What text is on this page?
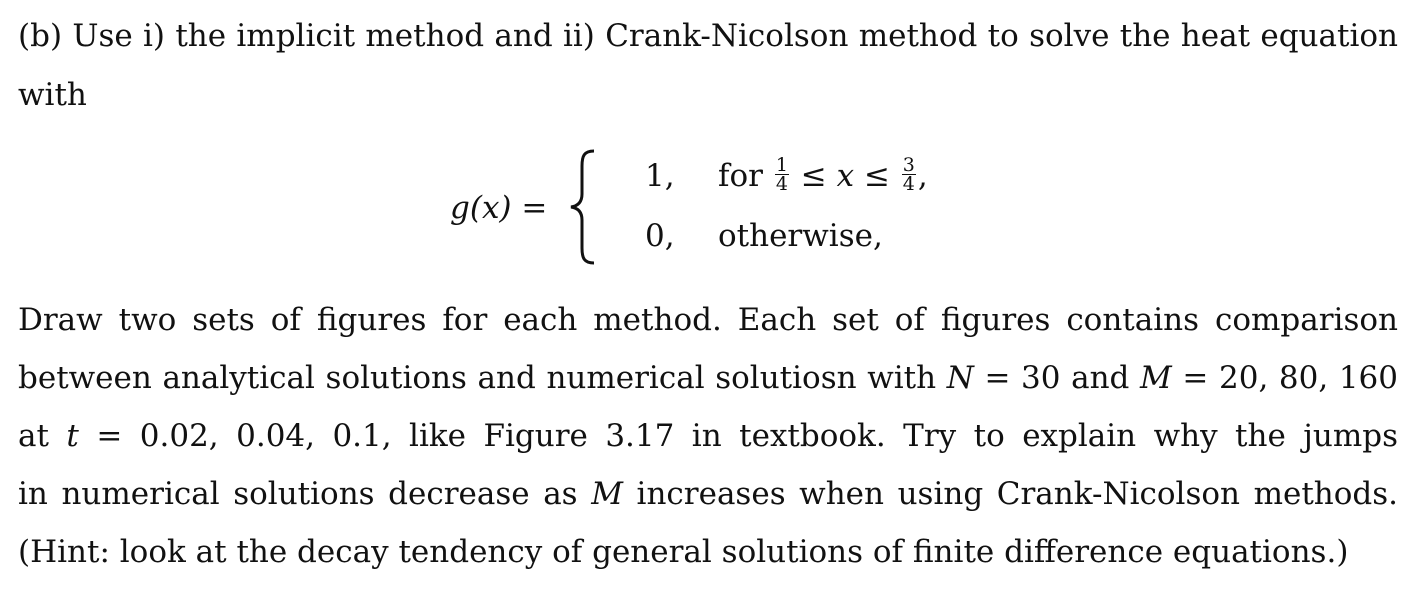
(b) Use i) the implicit method and ii) Crank-Nicolson method to solve the heat equation
with
g(x) =
1, for $\frac{1}{4} \le x \le \frac{3}{4}$ ,
0, otherwise,
Draw two sets of figures for each method. Each set of figures contains comparison
between analytical solutions and numerical solutiosn with N = 30 and M = 20, 80, 160
at t = 0.02, 0.04, 0.1, like Figure 3.17 in textbook. Try to explain why the jumps
in numerical solutions decrease as M increases when using Crank-Nicolson methods.
(Hint: look at the decay tendency of general solutions of finite difference equations.)
